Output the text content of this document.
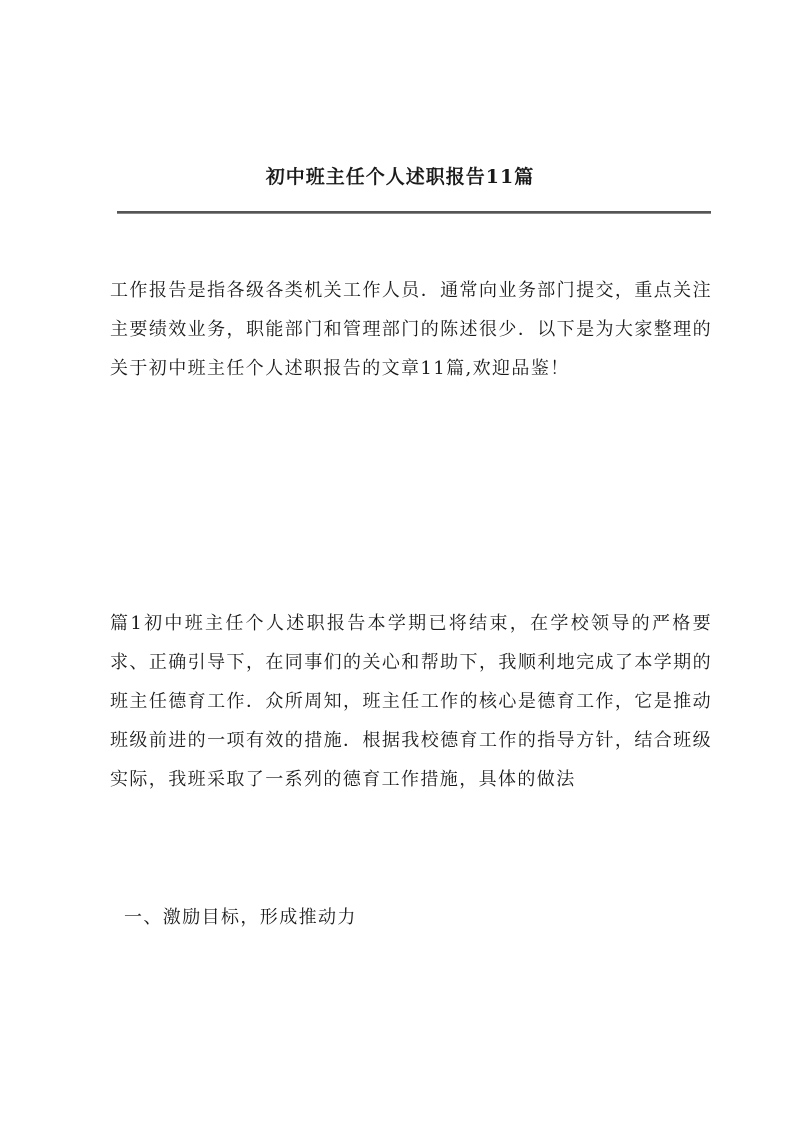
初中班主任个人述职报告11篇

工作报告是指各级各类机关工作人员．通常向业务部门提交，重点关注主要绩效业务，职能部门和管理部门的陈述很少．以下是为大家整理的关于初中班主任个人述职报告的文章11篇,欢迎品鉴！

篇1初中班主任个人述职报告本学期已将结束，在学校领导的严格要求、正确引导下，在同事们的关心和帮助下，我顺利地完成了本学期的班主任德育工作．众所周知，班主任工作的核心是德育工作，它是推动班级前进的一项有效的措施．根据我校德育工作的指导方针，结合班级实际，我班采取了一系列的德育工作措施，具体的做法

一、激励目标，形成推动力
